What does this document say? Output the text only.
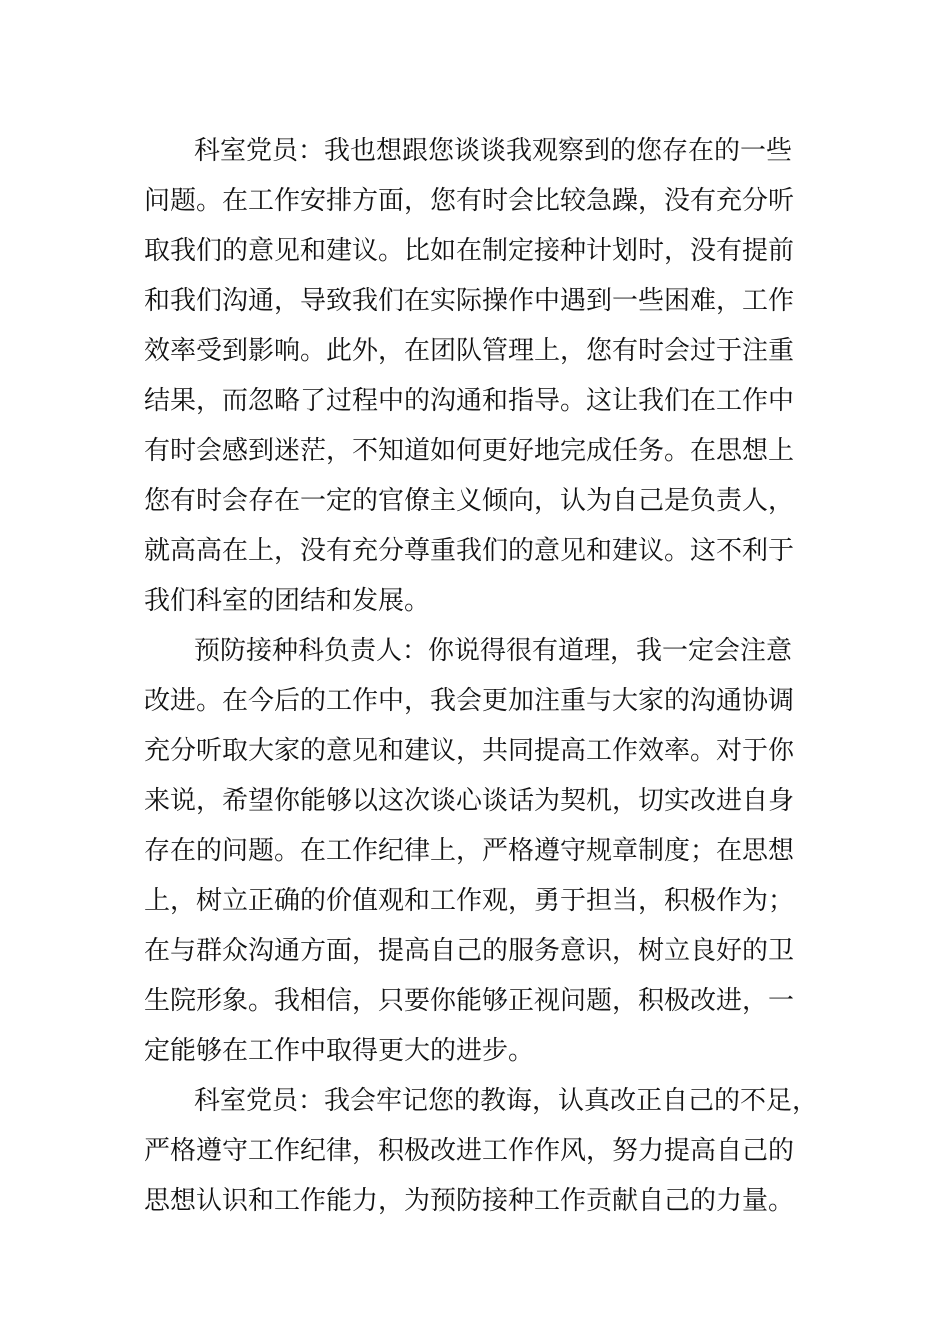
科室党员：我也想跟您谈谈我观察到的您存在的一些
问题。在工作安排方面，您有时会比较急躁，没有充分听
取我们的意见和建议。比如在制定接种计划时，没有提前
和我们沟通，导致我们在实际操作中遇到一些困难，工作
效率受到影响。此外，在团队管理上，您有时会过于注重
结果，而忽略了过程中的沟通和指导。这让我们在工作中
有时会感到迷茫，不知道如何更好地完成任务。在思想上
您有时会存在一定的官僚主义倾向，认为自己是负责人，
就高高在上，没有充分尊重我们的意见和建议。这不利于
我们科室的团结和发展。
预防接种科负责人：你说得很有道理，我一定会注意
改进。在今后的工作中，我会更加注重与大家的沟通协调
充分听取大家的意见和建议，共同提高工作效率。对于你
来说，希望你能够以这次谈心谈话为契机，切实改进自身
存在的问题。在工作纪律上，严格遵守规章制度；在思想
上，树立正确的价值观和工作观，勇于担当，积极作为；
在与群众沟通方面，提高自己的服务意识，树立良好的卫
生院形象。我相信，只要你能够正视问题，积极改进，一
定能够在工作中取得更大的进步。
科室党员：我会牢记您的教诲，认真改正自己的不足，
严格遵守工作纪律，积极改进工作作风，努力提高自己的
思想认识和工作能力，为预防接种工作贡献自己的力量。
